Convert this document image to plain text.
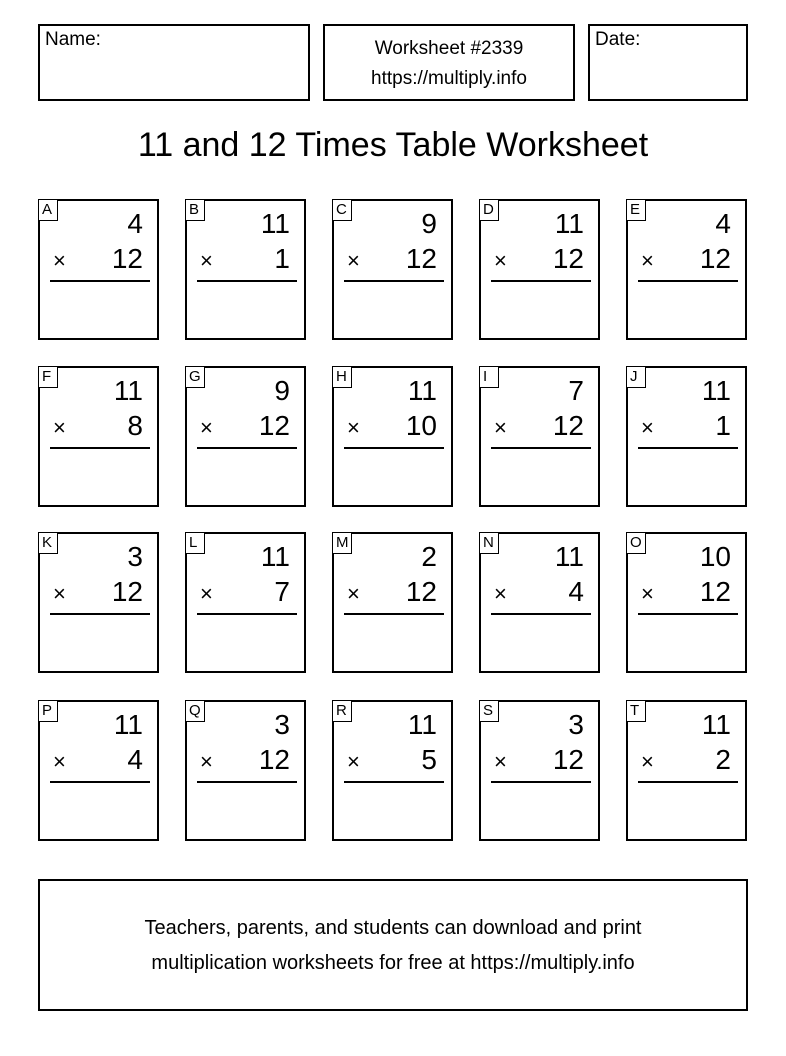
Name:	Worksheet #2339
https://multiply.info
Date:
11 and 12 Times Table Worksheet
A	4
× 12
B 11
× 1
C	9
× 12
D 11
× 12
E	4
× 12
F 11
× 8
G	9
× 12
H 11
× 10
I	7
× 12
J	11
× 1
K	3
× 12
L 11
× 7
M	2
× 12
N 11
× 4
O 10
× 12
P 11
× 4
Q	3
× 12
R 11
× 5
S	3
× 12
T 11
× 2
Teachers, parents, and students can download and print
multiplication worksheets for free at https://multiply.info
